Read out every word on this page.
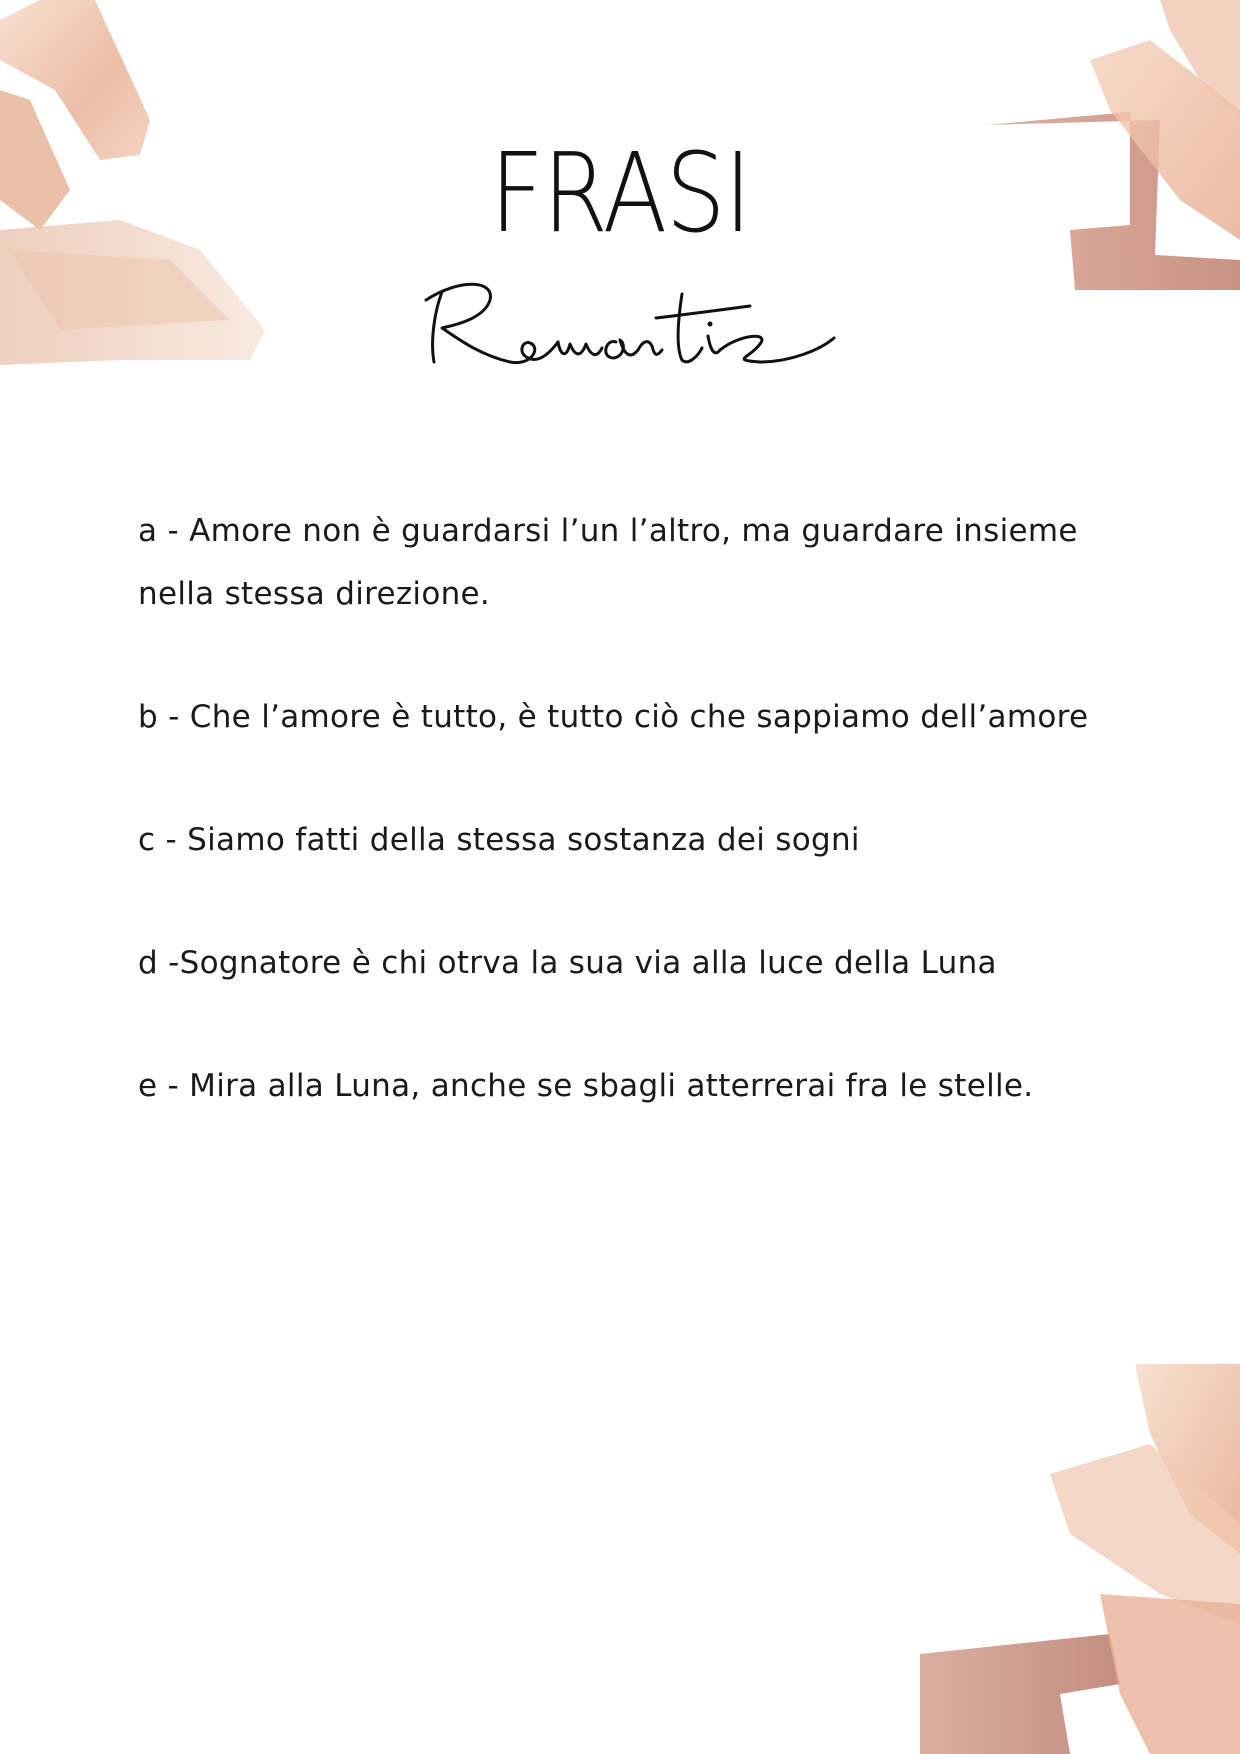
FRASI
a - Amore non è guardarsi l’un l’altro, ma guardare insieme nella stessa direzione.
b - Che l’amore è tutto, è tutto ciò che sappiamo dell’amore
c - Siamo fatti della stessa sostanza dei sogni
d -Sognatore è chi otrva la sua via alla luce della Luna
e - Mira alla Luna, anche se sbagli atterrerai fra le stelle.
